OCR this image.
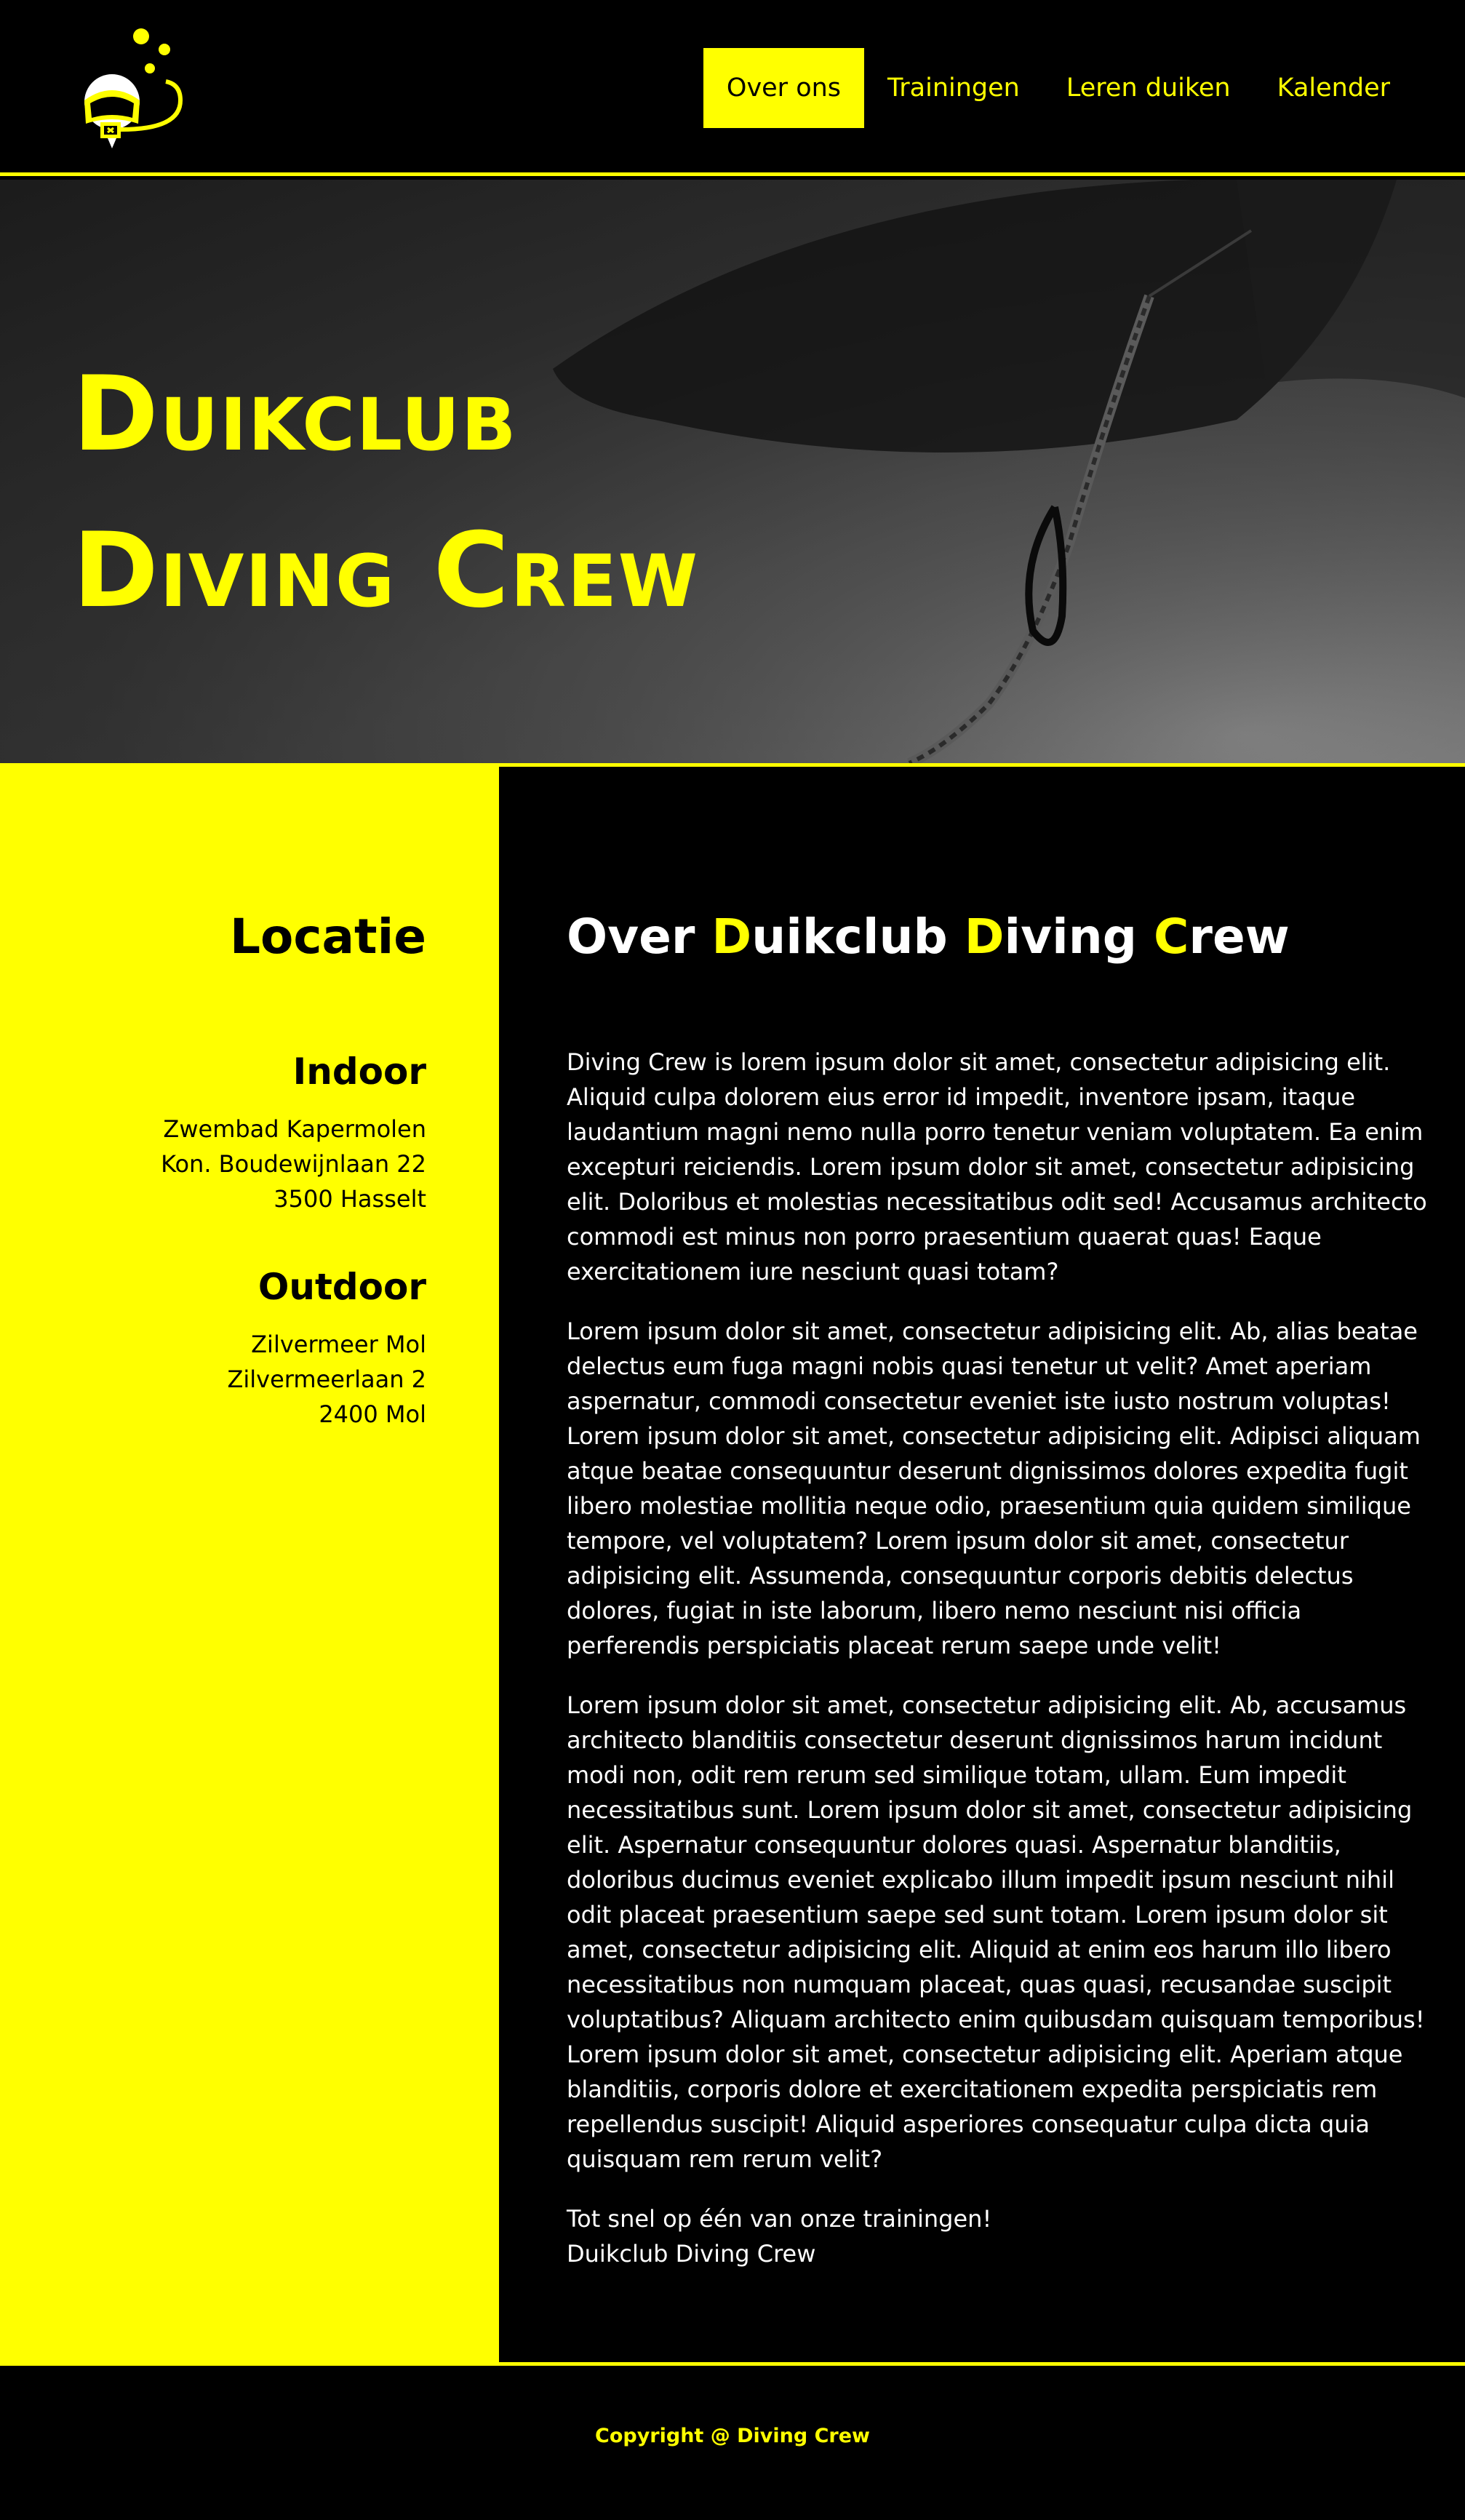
Over ons	Trainingen	Leren duiken	Kalender
Duikclub
Diving Crew
Locatie
Indoor
Zwembad Kapermolen
Kon. Boudewijnlaan 22
3500 Hasselt
Outdoor
Zilvermeer Mol
Zilvermeerlaan 2
2400 Mol
Over Duikclub Diving Crew

Diving Crew is lorem ipsum dolor sit amet, consectetur adipisicing elit. Aliquid culpa dolorem eius error id impedit, inventore ipsam, itaque laudantium magni nemo nulla porro tenetur veniam voluptatem. Ea enim excepturi reiciendis. Lorem ipsum dolor sit amet, consectetur adipisicing elit. Doloribus et molestias necessitatibus odit sed! Accusamus architecto commodi est minus non porro praesentium quaerat quas! Eaque exercitationem iure nesciunt quasi totam?

Lorem ipsum dolor sit amet, consectetur adipisicing elit. Ab, alias beatae delectus eum fuga magni nobis quasi tenetur ut velit? Amet aperiam aspernatur, commodi consectetur eveniet iste iusto nostrum voluptas! Lorem ipsum dolor sit amet, consectetur adipisicing elit. Adipisci aliquam atque beatae consequuntur deserunt dignissimos dolores expedita fugit libero molestiae mollitia neque odio, praesentium quia quidem similique tempore, vel voluptatem? Lorem ipsum dolor sit amet, consectetur adipisicing elit. Assumenda, consequuntur corporis debitis delectus dolores, fugiat in iste laborum, libero nemo nesciunt nisi officia perferendis perspiciatis placeat rerum saepe unde velit!

Lorem ipsum dolor sit amet, consectetur adipisicing elit. Ab, accusamus architecto blanditiis consectetur deserunt dignissimos harum incidunt modi non, odit rem rerum sed similique totam, ullam. Eum impedit necessitatibus sunt. Lorem ipsum dolor sit amet, consectetur adipisicing elit. Aspernatur consequuntur dolores quasi. Aspernatur blanditiis, doloribus ducimus eveniet explicabo illum impedit ipsum nesciunt nihil odit placeat praesentium saepe sed sunt totam. Lorem ipsum dolor sit amet, consectetur adipisicing elit. Aliquid at enim eos harum illo libero necessitatibus non numquam placeat, quas quasi, recusandae suscipit voluptatibus? Aliquam architecto enim quibusdam quisquam temporibus! Lorem ipsum dolor sit amet, consectetur adipisicing elit. Aperiam atque blanditiis, corporis dolore et exercitationem expedita perspiciatis rem repellendus suscipit! Aliquid asperiores consequatur culpa dicta quia quisquam rem rerum velit?

Tot snel op één van onze trainingen!
Duikclub Diving Crew

Copyright @ Diving Crew
